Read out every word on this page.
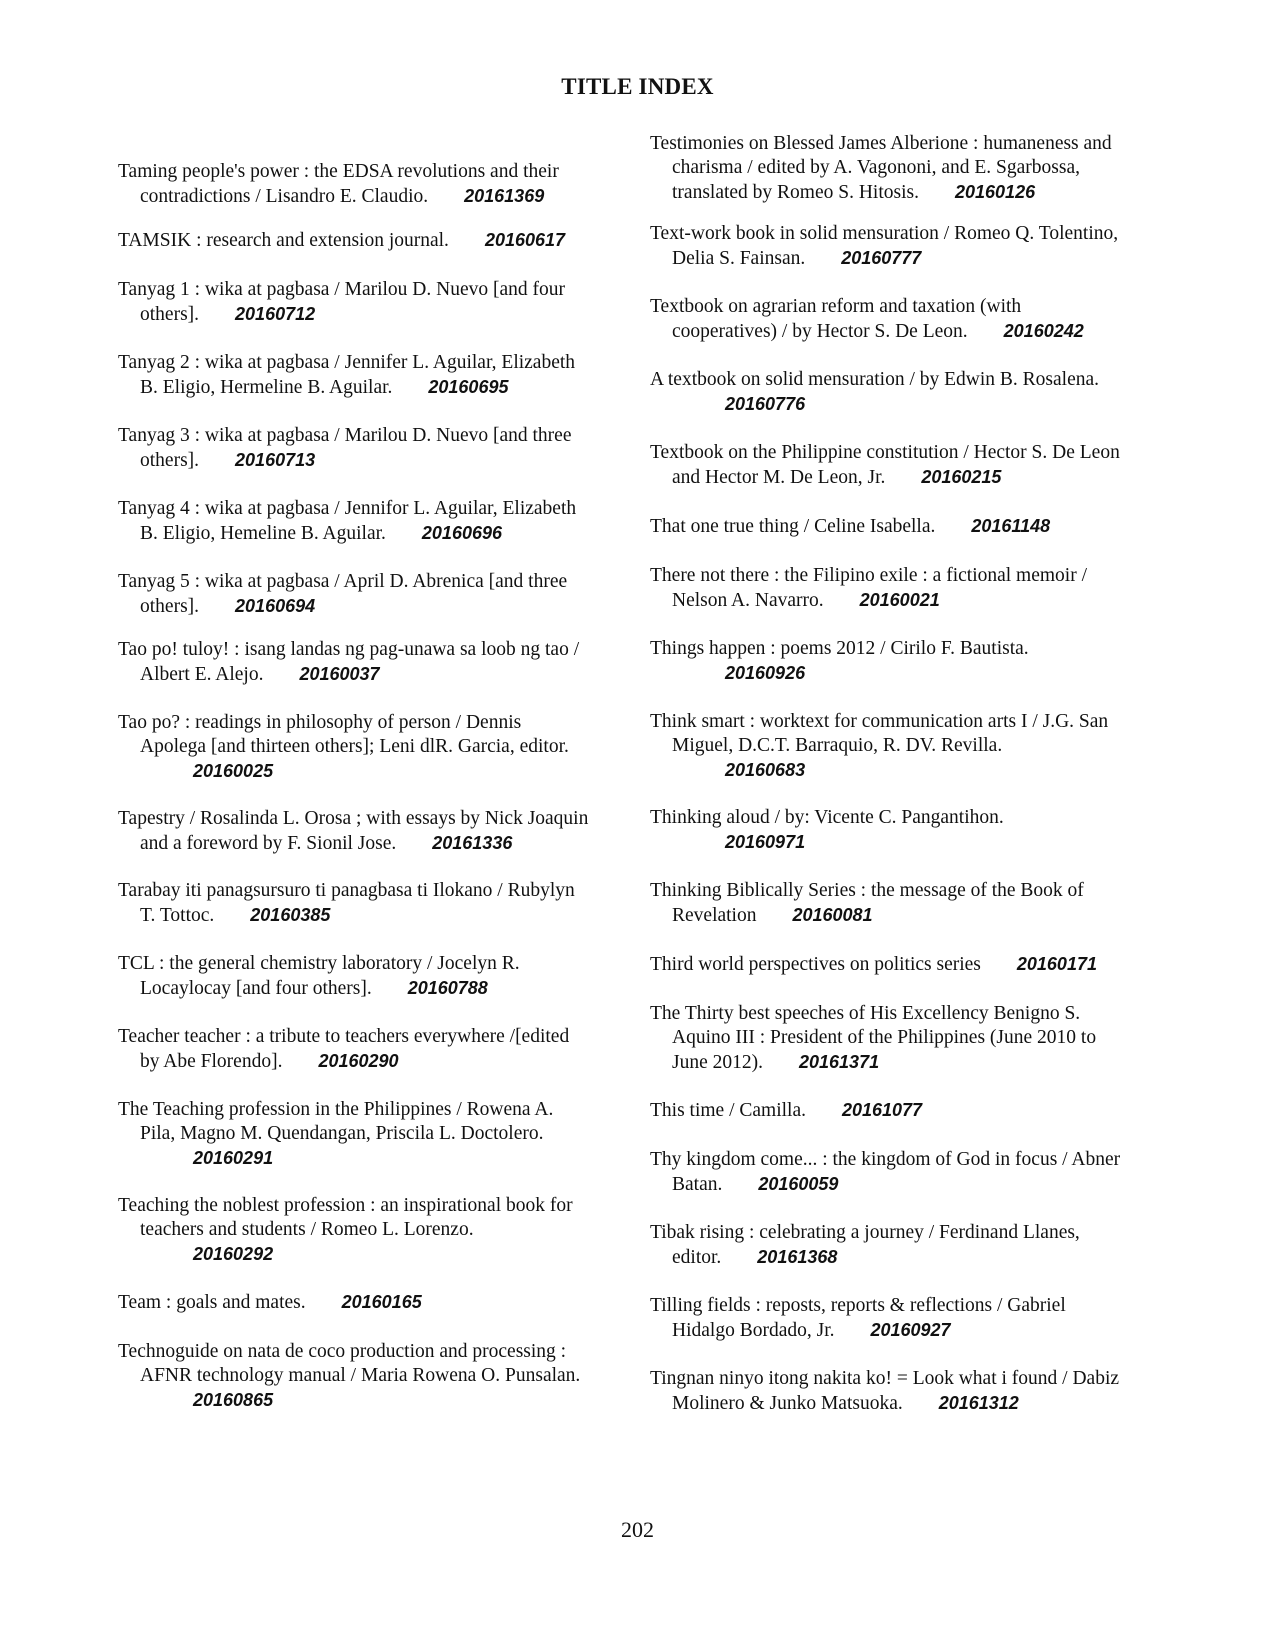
TITLE INDEX
Taming people's power : the EDSA revolutions and their
contradictions / Lisandro E. Claudio. 20161369
TAMSIK : research and extension journal. 20160617
Tanyag 1 : wika at pagbasa / Marilou D. Nuevo [and four
others]. 20160712
Tanyag 2 : wika at pagbasa / Jennifer L. Aguilar, Elizabeth
B. Eligio, Hermeline B. Aguilar. 20160695
Tanyag 3 : wika at pagbasa / Marilou D. Nuevo [and three
others]. 20160713
Tanyag 4 : wika at pagbasa / Jennifor L. Aguilar, Elizabeth
B. Eligio, Hemeline B. Aguilar. 20160696
Tanyag 5 : wika at pagbasa / April D. Abrenica [and three
others]. 20160694
Tao po! tuloy! : isang landas ng pag-unawa sa loob ng tao /
Albert E. Alejo. 20160037
Tao po? : readings in philosophy of person / Dennis
Apolega [and thirteen others]; Leni dlR. Garcia, editor.
20160025
Tapestry / Rosalinda L. Orosa ; with essays by Nick Joaquin
and a foreword by F. Sionil Jose. 20161336
Tarabay iti panagsursuro ti panagbasa ti Ilokano / Rubylyn
T. Tottoc. 20160385
TCL : the general chemistry laboratory / Jocelyn R.
Locaylocay [and four others]. 20160788
Teacher teacher : a tribute to teachers everywhere /[edited
by Abe Florendo]. 20160290
The Teaching profession in the Philippines / Rowena A.
Pila, Magno M. Quendangan, Priscila L. Doctolero.
20160291
Teaching the noblest profession : an inspirational book for
teachers and students / Romeo L. Lorenzo.
20160292
Team : goals and mates. 20160165
Technoguide on nata de coco production and processing :
AFNR technology manual / Maria Rowena O. Punsalan.
20160865
Testimonies on Blessed James Alberione : humaneness and
charisma / edited by A. Vagononi, and E. Sgarbossa,
translated by Romeo S. Hitosis. 20160126
Text-work book in solid mensuration / Romeo Q. Tolentino,
Delia S. Fainsan. 20160777
Textbook on agrarian reform and taxation (with
cooperatives) / by Hector S. De Leon. 20160242
A textbook on solid mensuration / by Edwin B. Rosalena.
20160776
Textbook on the Philippine constitution / Hector S. De Leon
and Hector M. De Leon, Jr. 20160215
That one true thing / Celine Isabella. 20161148
There not there : the Filipino exile : a fictional memoir /
Nelson A. Navarro. 20160021
Things happen : poems 2012 / Cirilo F. Bautista.
20160926
Think smart : worktext for communication arts I / J.G. San
Miguel, D.C.T. Barraquio, R. DV. Revilla.
20160683
Thinking aloud / by: Vicente C. Pangantihon.
20160971
Thinking Biblically Series : the message of the Book of
Revelation 20160081
Third world perspectives on politics series 20160171
The Thirty best speeches of His Excellency Benigno S.
Aquino III : President of the Philippines (June 2010 to
June 2012). 20161371
This time / Camilla. 20161077
Thy kingdom come... : the kingdom of God in focus / Abner
Batan. 20160059
Tibak rising : celebrating a journey / Ferdinand Llanes,
editor. 20161368
Tilling fields : reposts, reports & reflections / Gabriel
Hidalgo Bordado, Jr. 20160927
Tingnan ninyo itong nakita ko! = Look what i found / Dabiz
Molinero & Junko Matsuoka. 20161312
202
